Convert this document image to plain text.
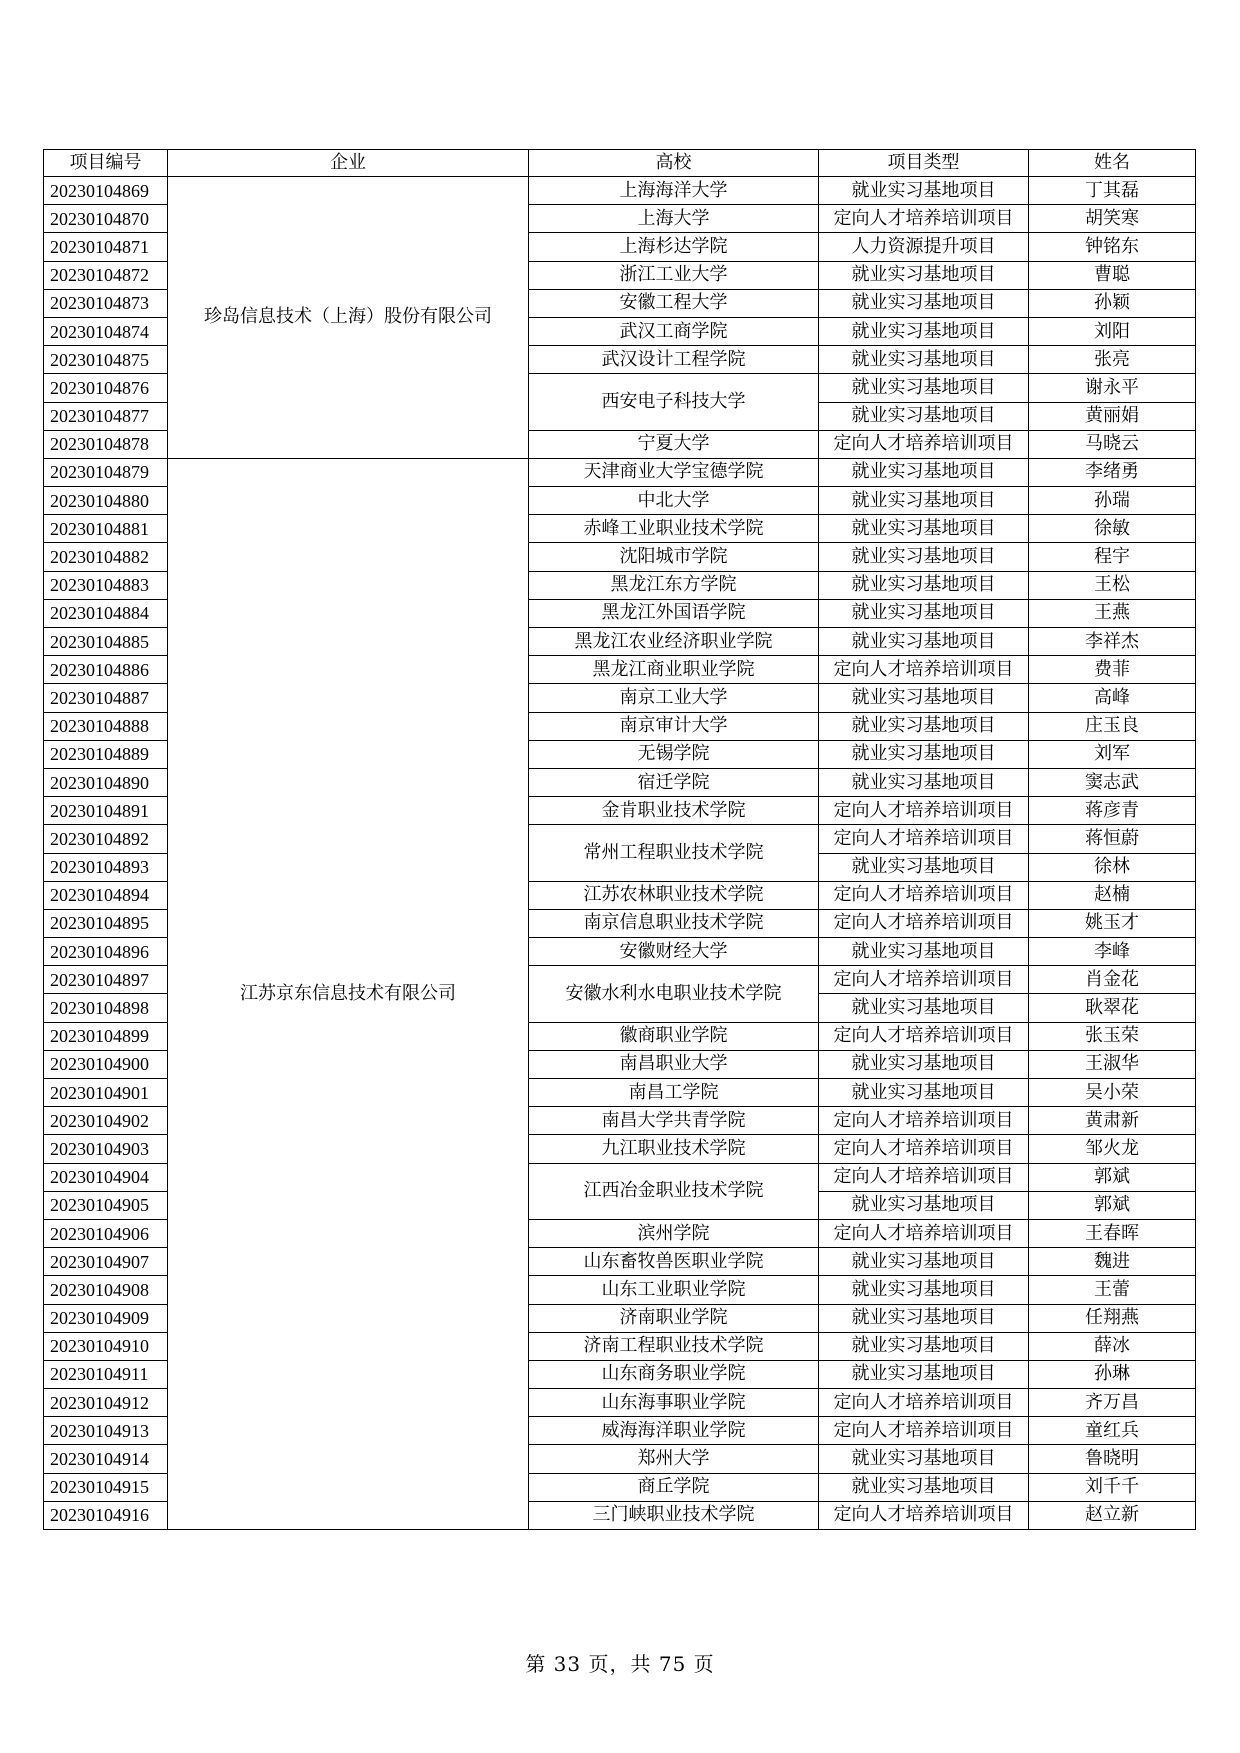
项目编号	企业	高校	项目类型	姓名
20230104869	珍岛信息技术（上海）股份有限公司	上海海洋大学	就业实习基地项目	丁其磊
20230104870		上海大学	定向人才培养培训项目	胡笑寒
20230104871		上海杉达学院	人力资源提升项目	钟铭东
20230104872		浙江工业大学	就业实习基地项目	曹聪
20230104873		安徽工程大学	就业实习基地项目	孙颖
20230104874		武汉工商学院	就业实习基地项目	刘阳
20230104875		武汉设计工程学院	就业实习基地项目	张亮
20230104876		西安电子科技大学	就业实习基地项目	谢永平
20230104877			就业实习基地项目	黄丽娟
20230104878		宁夏大学	定向人才培养培训项目	马晓云
20230104879	江苏京东信息技术有限公司	天津商业大学宝德学院	就业实习基地项目	李绪勇
20230104880		中北大学	就业实习基地项目	孙瑞
20230104881		赤峰工业职业技术学院	就业实习基地项目	徐敏
20230104882		沈阳城市学院	就业实习基地项目	程宇
20230104883		黑龙江东方学院	就业实习基地项目	王松
20230104884		黑龙江外国语学院	就业实习基地项目	王燕
20230104885		黑龙江农业经济职业学院	就业实习基地项目	李祥杰
20230104886		黑龙江商业职业学院	定向人才培养培训项目	费菲
20230104887		南京工业大学	就业实习基地项目	高峰
20230104888		南京审计大学	就业实习基地项目	庄玉良
20230104889		无锡学院	就业实习基地项目	刘军
20230104890		宿迁学院	就业实习基地项目	窦志武
20230104891		金肯职业技术学院	定向人才培养培训项目	蒋彦青
20230104892		常州工程职业技术学院	定向人才培养培训项目	蒋恒蔚
20230104893			就业实习基地项目	徐林
20230104894		江苏农林职业技术学院	定向人才培养培训项目	赵楠
20230104895		南京信息职业技术学院	定向人才培养培训项目	姚玉才
20230104896		安徽财经大学	就业实习基地项目	李峰
20230104897		安徽水利水电职业技术学院	定向人才培养培训项目	肖金花
20230104898			就业实习基地项目	耿翠花
20230104899		徽商职业学院	定向人才培养培训项目	张玉荣
20230104900		南昌职业大学	就业实习基地项目	王淑华
20230104901		南昌工学院	就业实习基地项目	吴小荣
20230104902		南昌大学共青学院	定向人才培养培训项目	黄肃新
20230104903		九江职业技术学院	定向人才培养培训项目	邹火龙
20230104904		江西冶金职业技术学院	定向人才培养培训项目	郭斌
20230104905			就业实习基地项目	郭斌
20230104906		滨州学院	定向人才培养培训项目	王春晖
20230104907		山东畜牧兽医职业学院	就业实习基地项目	魏进
20230104908		山东工业职业学院	就业实习基地项目	王蕾
20230104909		济南职业学院	就业实习基地项目	任翔燕
20230104910		济南工程职业技术学院	就业实习基地项目	薛冰
20230104911		山东商务职业学院	就业实习基地项目	孙琳
20230104912		山东海事职业学院	定向人才培养培训项目	齐万昌
20230104913		威海海洋职业学院	定向人才培养培训项目	童红兵
20230104914		郑州大学	就业实习基地项目	鲁晓明
20230104915		商丘学院	就业实习基地项目	刘千千
20230104916		三门峡职业技术学院	定向人才培养培训项目	赵立新
第 33 页，共 75 页
